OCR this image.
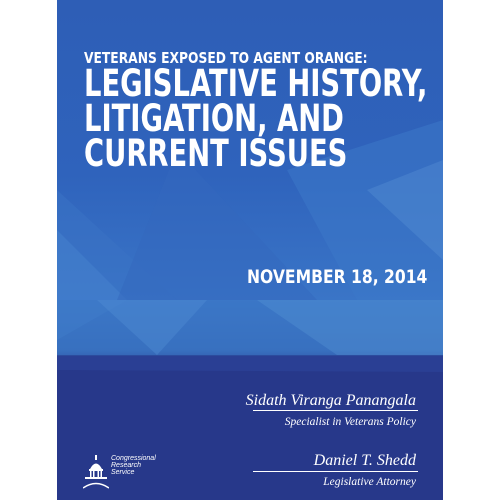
VETERANS EXPOSED TO AGENT ORANGE:
LEGISLATIVE HISTORY,
LITIGATION, AND
CURRENT ISSUES
NOVEMBER 18, 2014
Sidath Viranga Panangala
Specialist in Veterans Policy
Daniel T. Shedd
Legislative Attorney
Congressional
Research
Service
